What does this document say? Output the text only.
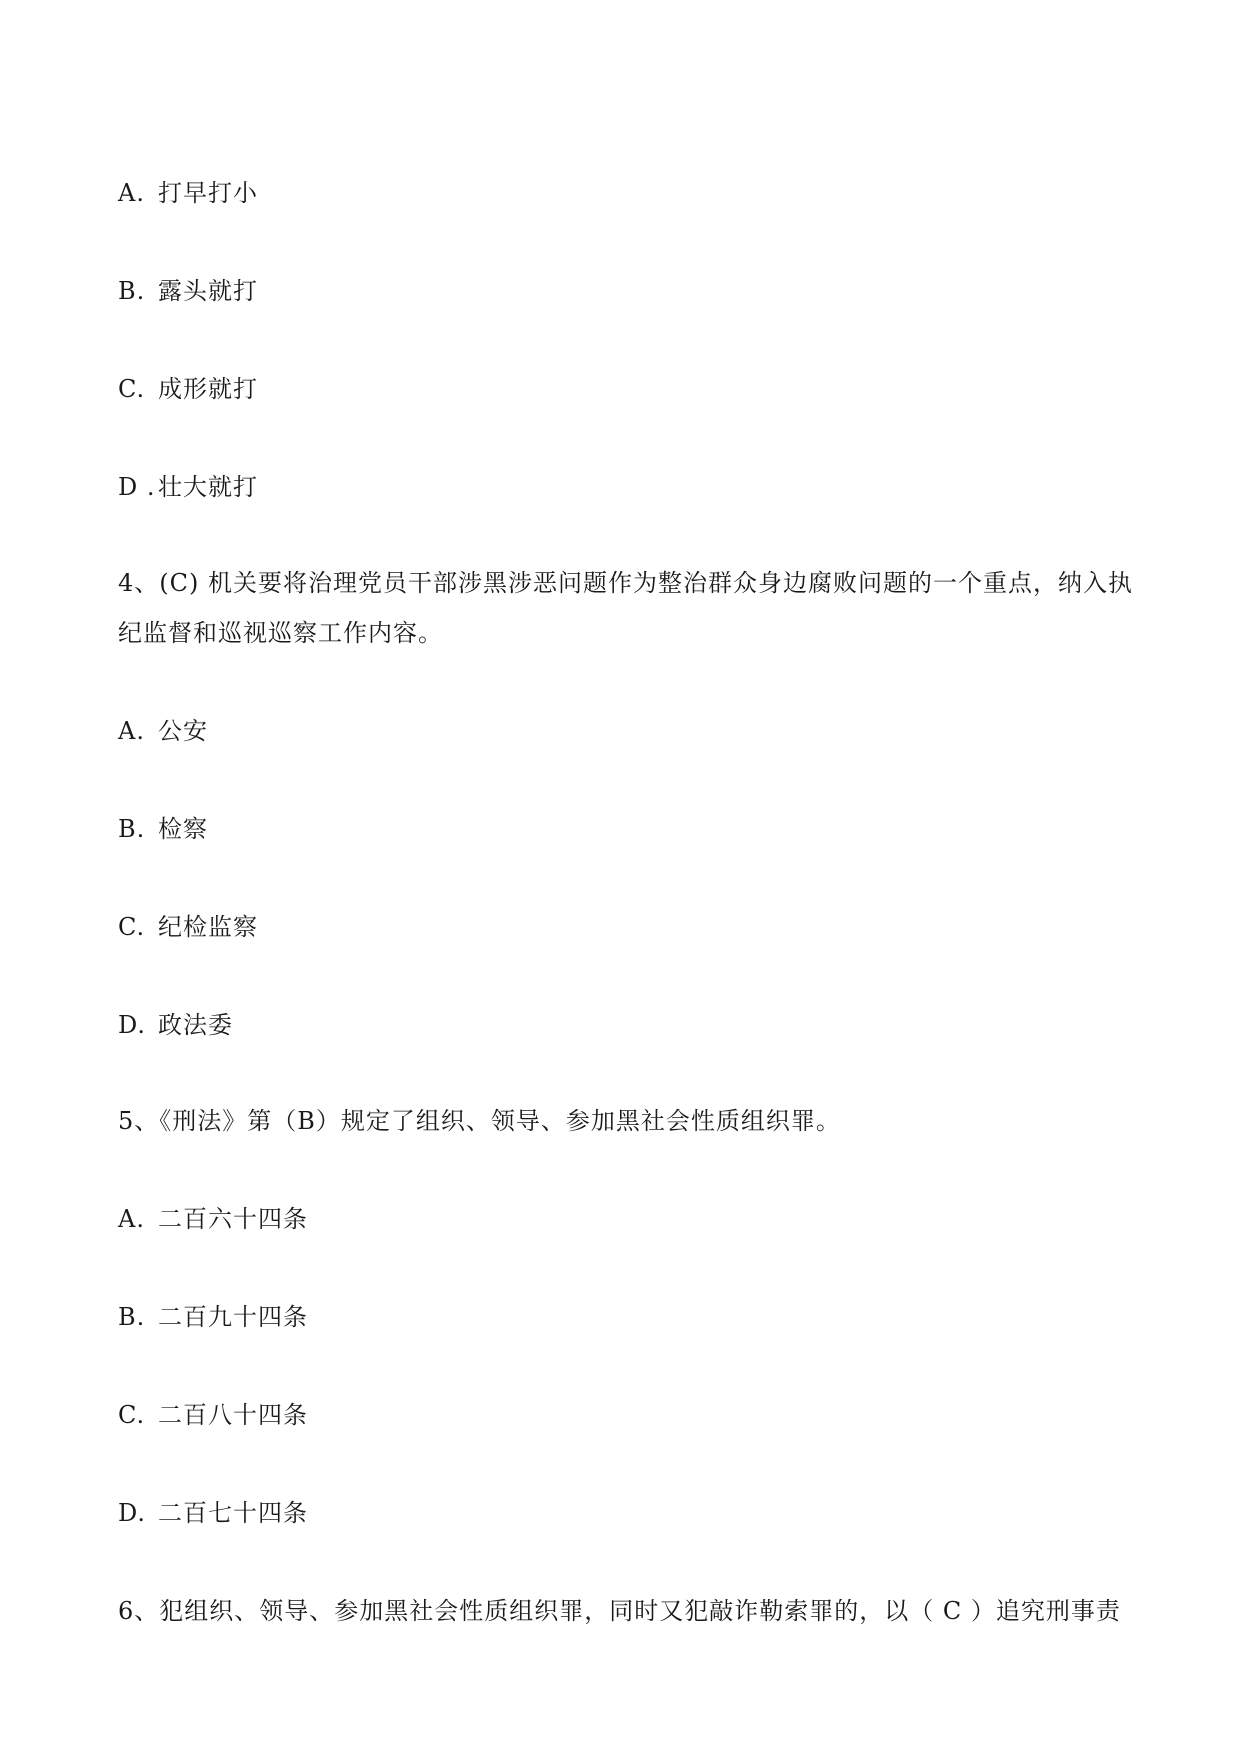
A. 打早打小
B. 露头就打
C. 成形就打
D . 壮大就打
4、(C) 机关要将治理党员干部涉黑涉恶问题作为整治群众身边腐败问题的一个重点，纳入执
纪监督和巡视巡察工作内容。
A. 公安
B. 检察
C. 纪检监察
D. 政法委
5、《刑法》第（B）规定了组织、领导、参加黑社会性质组织罪。
A. 二百六十四条
B. 二百九十四条
C. 二百八十四条
D. 二百七十四条
6、犯组织、领导、参加黑社会性质组织罪，同时又犯敲诈勒索罪的，以（ C ）追究刑事责
